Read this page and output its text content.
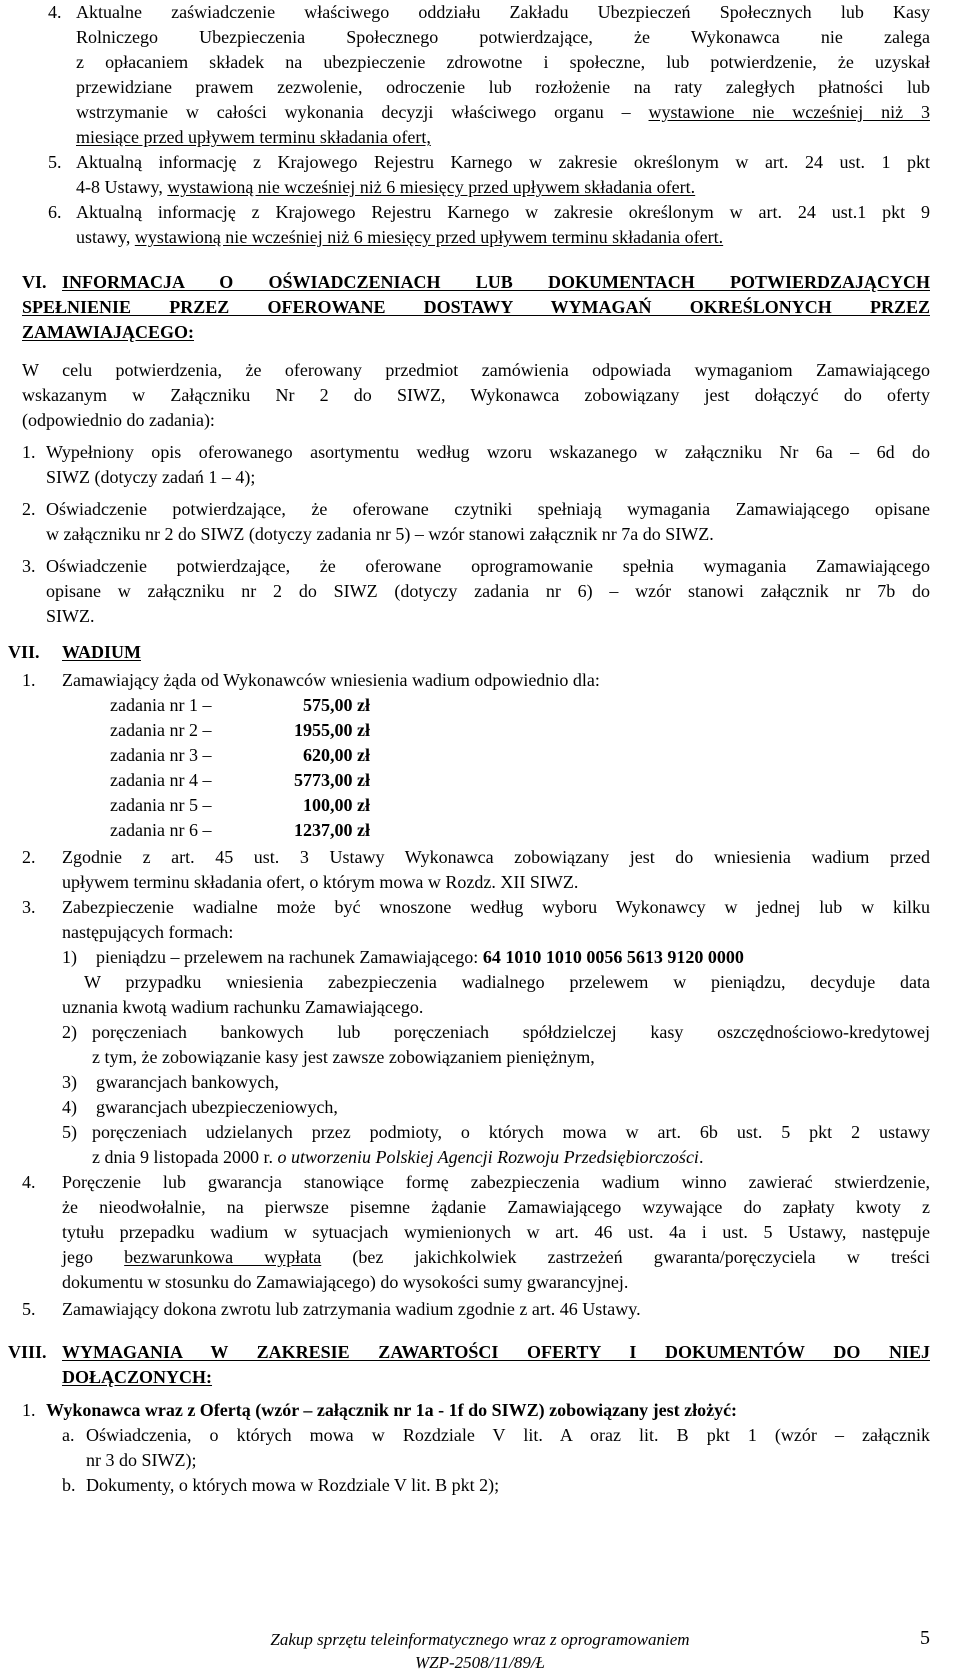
4. Aktualne zaświadczenie właściwego oddziału Zakładu Ubezpieczeń Społecznych lub Kasy
Rolniczego Ubezpieczenia Społecznego potwierdzające, że Wykonawca nie zalega
z opłacaniem składek na ubezpieczenie zdrowotne i społeczne, lub potwierdzenie, że uzyskał
przewidziane prawem zezwolenie, odroczenie lub rozłożenie na raty zaległych płatności lub
wstrzymanie w całości wykonania decyzji właściwego organu – wystawione nie wcześniej niż 3
miesiące przed upływem terminu składania ofert,
5. Aktualną informację z Krajowego Rejestru Karnego w zakresie określonym w art. 24 ust. 1 pkt
4-8 Ustawy, wystawioną nie wcześniej niż 6 miesięcy przed upływem składania ofert.
6. Aktualną informację z Krajowego Rejestru Karnego w zakresie określonym w art. 24 ust.1 pkt 9
ustawy, wystawioną nie wcześniej niż 6 miesięcy przed upływem terminu składania ofert.
VI. INFORMACJA O OŚWIADCZENIACH LUB DOKUMENTACH POTWIERDZAJĄCYCH
SPEŁNIENIE PRZEZ OFEROWANE DOSTAWY WYMAGAŃ OKREŚLONYCH PRZEZ
ZAMAWIAJĄCEGO:
W celu potwierdzenia, że oferowany przedmiot zamówienia odpowiada wymaganiom Zamawiającego
wskazanym w Załączniku Nr 2 do SIWZ, Wykonawca zobowiązany jest dołączyć do oferty
(odpowiednio do zadania):
1. Wypełniony opis oferowanego asortymentu według wzoru wskazanego w załączniku Nr 6a – 6d do
SIWZ (dotyczy zadań 1 – 4);
2. Oświadczenie potwierdzające, że oferowane czytniki spełniają wymagania Zamawiającego opisane
w załączniku nr 2 do SIWZ (dotyczy zadania nr 5) – wzór stanowi załącznik nr 7a do SIWZ.
3. Oświadczenie potwierdzające, że oferowane oprogramowanie spełnia wymagania Zamawiającego
opisane w załączniku nr 2 do SIWZ (dotyczy zadania nr 6) – wzór stanowi załącznik nr 7b do
SIWZ.
VII. WADIUM
1. Zamawiający żąda od Wykonawców wniesienia wadium odpowiednio dla:
zadania nr 1 –	575,00 zł
zadania nr 2 –	1955,00 zł
zadania nr 3 –	620,00 zł
zadania nr 4 –	5773,00 zł
zadania nr 5 –	100,00 zł
zadania nr 6 –	1237,00 zł
2. Zgodnie z art. 45 ust. 3 Ustawy Wykonawca zobowiązany jest do wniesienia wadium przed
upływem terminu składania ofert, o którym mowa w Rozdz. XII SIWZ.
3. Zabezpieczenie wadialne może być wnoszone według wyboru Wykonawcy w jednej lub w kilku
następujących formach:
1) pieniądzu – przelewem na rachunek Zamawiającego: 64 1010 1010 0056 5613 9120 0000
W przypadku wniesienia zabezpieczenia wadialnego przelewem w pieniądzu, decyduje data
uznania kwotą wadium rachunku Zamawiającego.
2) poręczeniach bankowych lub poręczeniach spółdzielczej kasy oszczędnościowo-kredytowej
z tym, że zobowiązanie kasy jest zawsze zobowiązaniem pieniężnym,
3) gwarancjach bankowych,
4) gwarancjach ubezpieczeniowych,
5) poręczeniach udzielanych przez podmioty, o których mowa w art. 6b ust. 5 pkt 2 ustawy
z dnia 9 listopada 2000 r. o utworzeniu Polskiej Agencji Rozwoju Przedsiębiorczości.
4. Poręczenie lub gwarancja stanowiące formę zabezpieczenia wadium winno zawierać stwierdzenie,
że nieodwołalnie, na pierwsze pisemne żądanie Zamawiającego wzywające do zapłaty kwoty z
tytułu przepadku wadium w sytuacjach wymienionych w art. 46 ust. 4a i ust. 5 Ustawy, następuje
jego bezwarunkowa wypłata (bez jakichkolwiek zastrzeżeń gwaranta/poręczyciela w treści
dokumentu w stosunku do Zamawiającego) do wysokości sumy gwarancyjnej.
5. Zamawiający dokona zwrotu lub zatrzymania wadium zgodnie z art. 46 Ustawy.
VIII. WYMAGANIA W ZAKRESIE ZAWARTOŚCI OFERTY I DOKUMENTÓW DO NIEJ
DOŁĄCZONYCH:
1. Wykonawca wraz z Ofertą (wzór – załącznik nr 1a - 1f do SIWZ) zobowiązany jest złożyć:
a. Oświadczenia, o których mowa w Rozdziale V lit. A oraz lit. B pkt 1 (wzór – załącznik
nr 3 do SIWZ);
b. Dokumenty, o których mowa w Rozdziale V lit. B pkt 2);
Zakup sprzętu teleinformatycznego wraz z oprogramowaniem
WZP-2508/11/89/Ł
5
